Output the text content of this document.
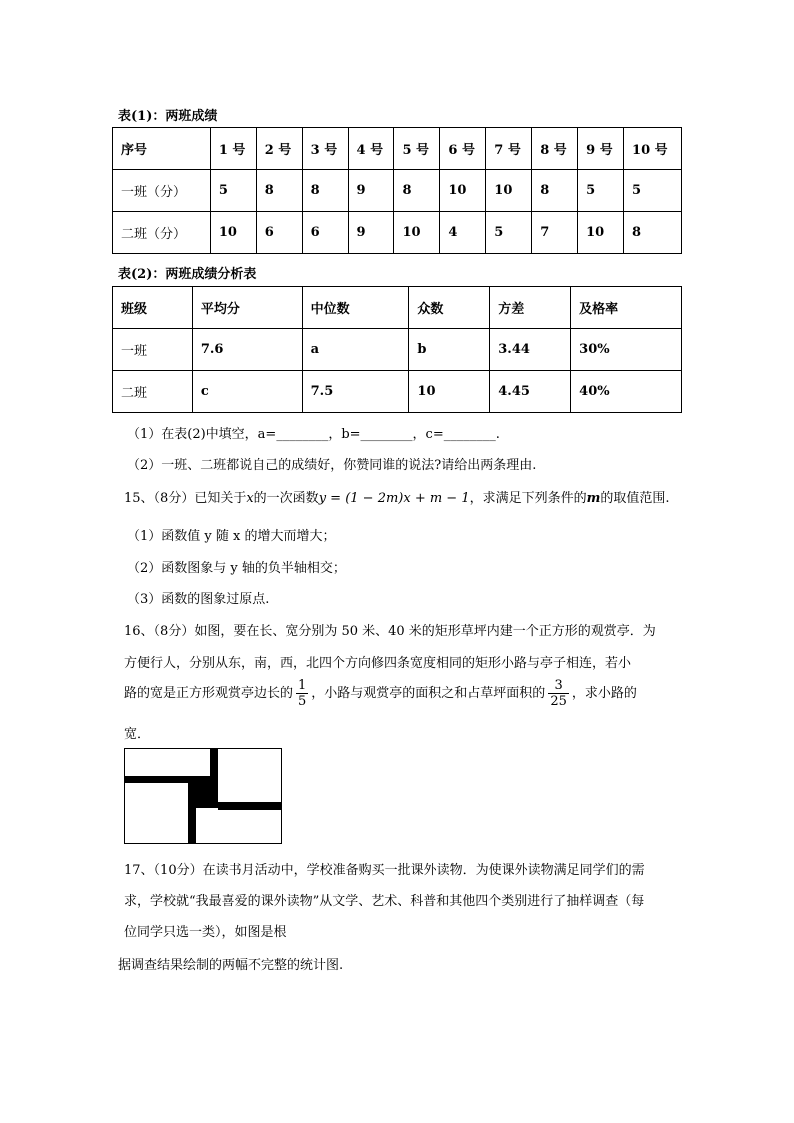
表(1)：两班成绩
序号	1 号	2 号	3 号	4 号	5 号	6 号	7 号	8 号	9 号	10 号
一班（分）	5	8	8	9	8	10	10	8	5	5
二班（分）	10	6	6	9	10	4	5	7	10	8
表(2)：两班成绩分析表
班级	平均分	中位数	众数	方差	及格率
一班	7.6	a	b	3.44	30%
二班	c	7.5	10	4.45	40%
（1）在表(2)中填空，a=________，b=________，c=________.
（2）一班、二班都说自己的成绩好，你赞同谁的说法?请给出两条理由.
15、（8分）已知关于x的一次函数y = (1 − 2m)x + m − 1，求满足下列条件的m的取值范围.
（1）函数值 y 随 x 的增大而增大；
（2）函数图象与 y 轴的负半轴相交；
（3）函数的图象过原点.
16、（8分）如图，要在长、宽分别为 50 米、40 米的矩形草坪内建一个正方形的观赏亭．为
方便行人，分别从东，南，西，北四个方向修四条宽度相同的矩形小路与亭子相连，若小
路的宽是正方形观赏亭边长的 $\frac{1}{5}$ ，小路与观赏亭的面积之和占草坪面积的 $\frac{3}{25}$ ，求小路的
宽．
17、（10分）在读书月活动中，学校准备购买一批课外读物．为使课外读物满足同学们的需
求，学校就“我最喜爱的课外读物”从文学、艺术、科普和其他四个类别进行了抽样调查（每
位同学只选一类），如图是根
据调查结果绘制的两幅不完整的统计图.
